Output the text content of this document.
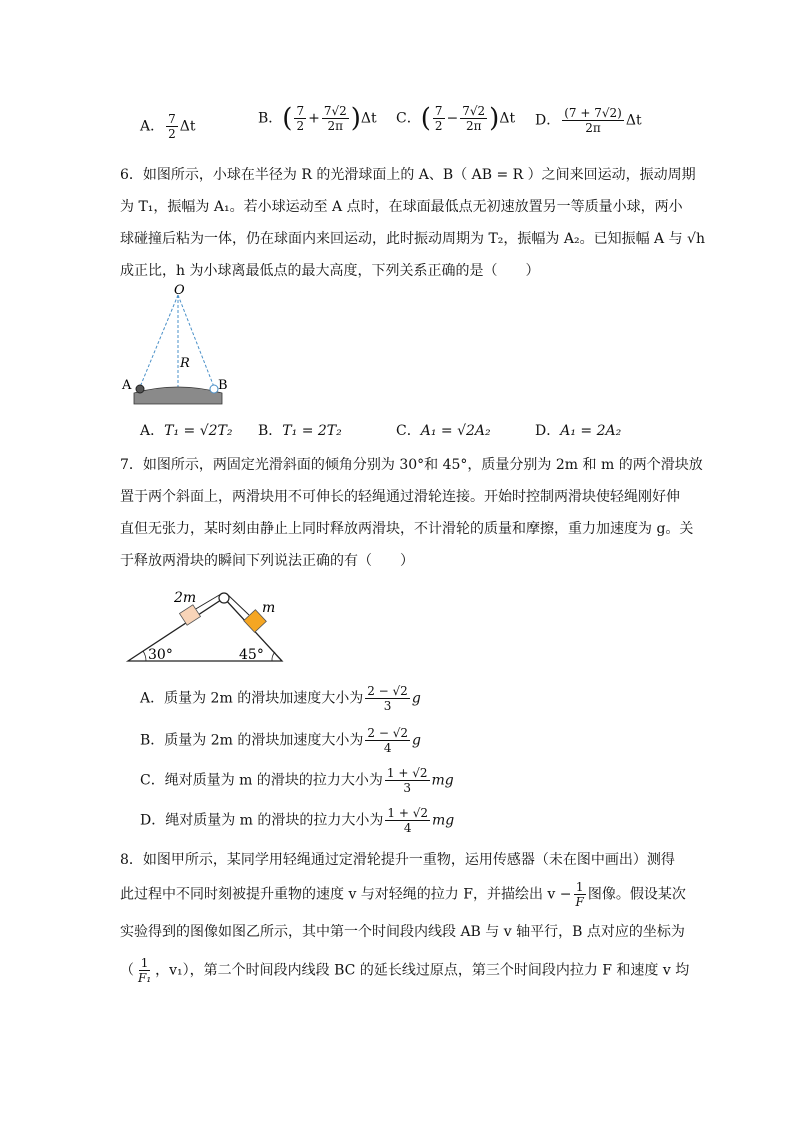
A． $\frac{7}{2}$ Δt	B．( $\frac{7}{2} + \frac{7√2}{2\pi} )\Delta t$ C．( $\frac{7}{2} - \frac{7√2}{2\pi} )\Delta t$ D． $\frac{(7 + 7√2)}{2\pi}$ Δt
6．如图所示，小球在半径为 R 的光滑球面上的 A、B（ AB = R ）之间来回运动，振动周期
为 T₁，振幅为 A₁。若小球运动至 A 点时，在球面最低点无初速放置另一等质量小球，两小
球碰撞后粘为一体，仍在球面内来回运动，此时振动周期为 T₂，振幅为 A₂。已知振幅 A 与 √h
成正比，h 为小球离最低点的最大高度，下列关系正确的是（　　）
O
R
A	B
A．T₁ = √2T₂ B．T₁ = 2T₂	C．A₁ = √2A₂	D．A₁ = 2A₂
7．如图所示，两固定光滑斜面的倾角分别为 30°和 45°，质量分别为 2m 和 m 的两个滑块放
置于两个斜面上，两滑块用不可伸长的轻绳通过滑轮连接。开始时控制两滑块使轻绳刚好伸
直但无张力，某时刻由静止上同时释放两滑块，不计滑轮的质量和摩擦，重力加速度为 g。关
于释放两滑块的瞬间下列说法正确的有（　　）
2m
m
30°	45°
A．质量为 2m 的滑块加速度大小为 $\frac{2 - √2}{3}$ g
B．质量为 2m 的滑块加速度大小为 $\frac{2 - √2}{4}$ g
C．绳对质量为 m 的滑块的拉力大小为 $\frac{1 + √2}{3}$ mg
D．绳对质量为 m 的滑块的拉力大小为 $\frac{1 + √2}{4}$ mg
8．如图甲所示，某同学用轻绳通过定滑轮提升一重物，运用传感器（未在图中画出）测得
此过程中不同时刻被提升重物的速度 v 与对轻绳的拉力 F，并描绘出 $v - \frac{1}{F}$ 图像。假设某次
实验得到的图像如图乙所示，其中第一个时间段内线段 AB 与 v 轴平行，B 点对应的坐标为
（ $\frac{1}{\text{F₁}}$ ，v₁），第二个时间段内线段 BC 的延长线过原点，第三个时间段内拉力 F 和速度 v 均
